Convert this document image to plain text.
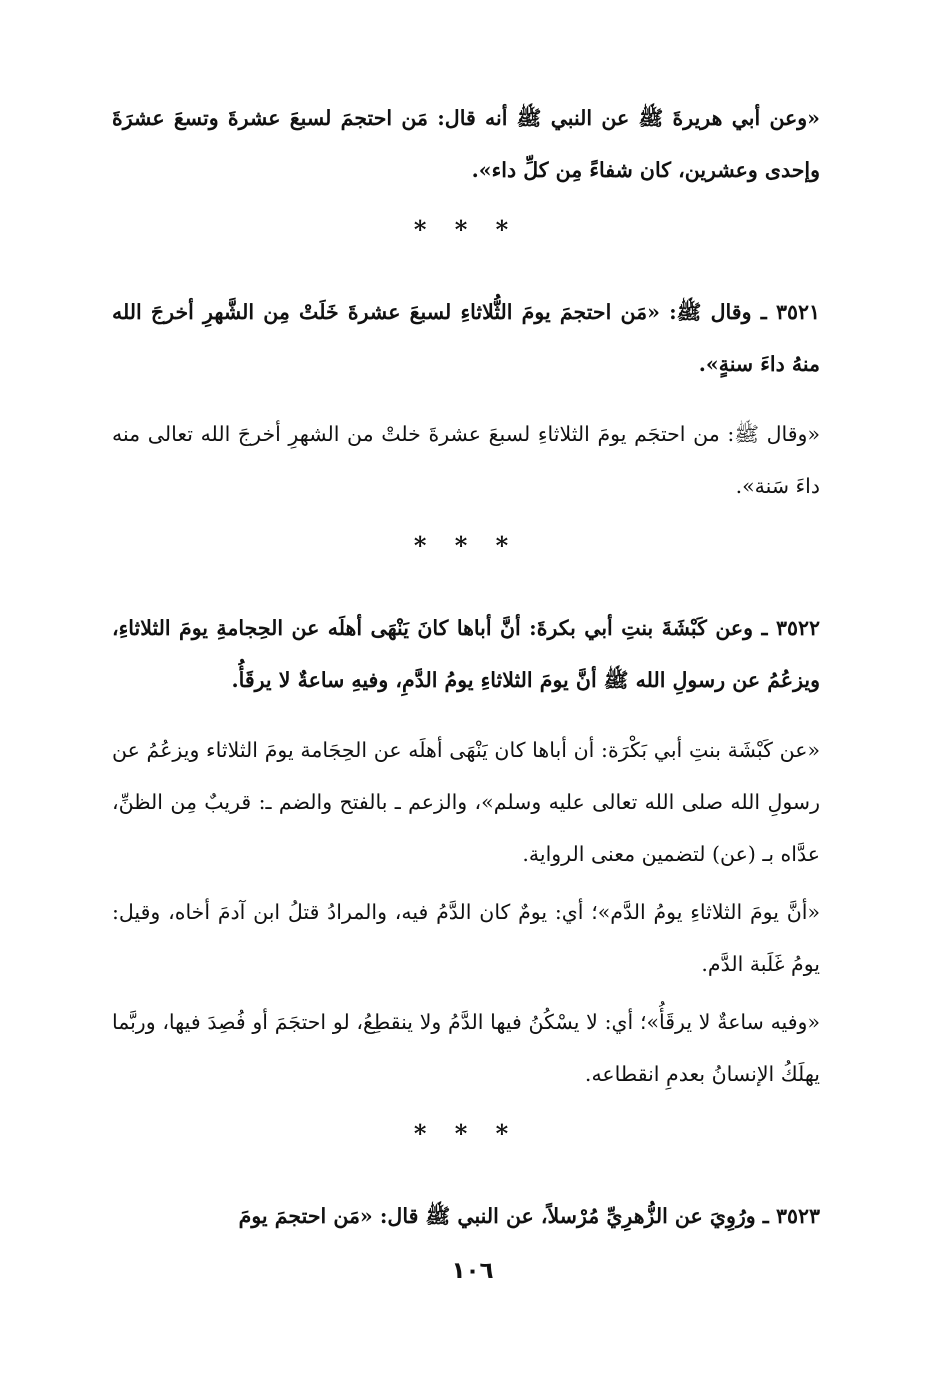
«وعن أبي هريرةَ ﷺ عن النبي ﷺ أنه قال: مَن احتجمَ لسبعَ عشرةَ وتسعَ عشرَةَ وإحدى وعشرين، كان شفاءً مِن كلِّ داء».

* * *

٣٥٢١ ـ وقال ﷺ: «مَن احتجمَ يومَ الثُّلاثاءِ لسبعَ عشرةَ خَلَتْ مِن الشَّهرِ أخرجَ الله منهُ داءَ سنةٍ».

«وقال ﷺ: من احتجَم يومَ الثلاثاءِ لسبعَ عشرةَ خلتْ من الشهرِ أخرجَ الله تعالى منه داءَ سَنة».

* * *

٣٥٢٢ ـ وعن كَبْشَةَ بنتِ أبي بكرةَ: أنَّ أباها كانَ يَنْهَى أهلَه عن الحِجامةِ يومَ الثلاثاءِ، ويزعُمُ عن رسولِ الله ﷺ أنَّ يومَ الثلاثاءِ يومُ الدَّمِ، وفيهِ ساعةٌ لا يرقَأُ.

«عن كَبْشَة بنتِ أبي بَكْرَة: أن أباها كان يَنْهَى أهلَه عن الحِجَامة يومَ الثلاثاء ويزعُمُ عن رسولِ الله صلى الله تعالى عليه وسلم»، والزعم ـ بالفتح والضم ـ: قريبٌ مِن الظنِّ، عدَّاه بـ (عن) لتضمين معنى الرواية.

«أنَّ يومَ الثلاثاءِ يومُ الدَّم»؛ أي: يومٌ كان الدَّمُ فيه، والمرادُ قتلُ ابن آدمَ أخاه، وقيل: يومُ غَلَبة الدَّم.

«وفيه ساعةٌ لا يرقَأُ»؛ أي: لا يسْكُنُ فيها الدَّمُ ولا ينقطِعُ، لو احتجَمَ أو فُصِدَ فيها، وربَّما يهلَكُ الإنسانُ بعدمِ انقطاعه.

* * *

٣٥٢٣ ـ ورُوِيَ عن الزُّهرِيِّ مُرْسلاً، عن النبي ﷺ قال: «مَن احتجمَ يومَ

١٠٦
